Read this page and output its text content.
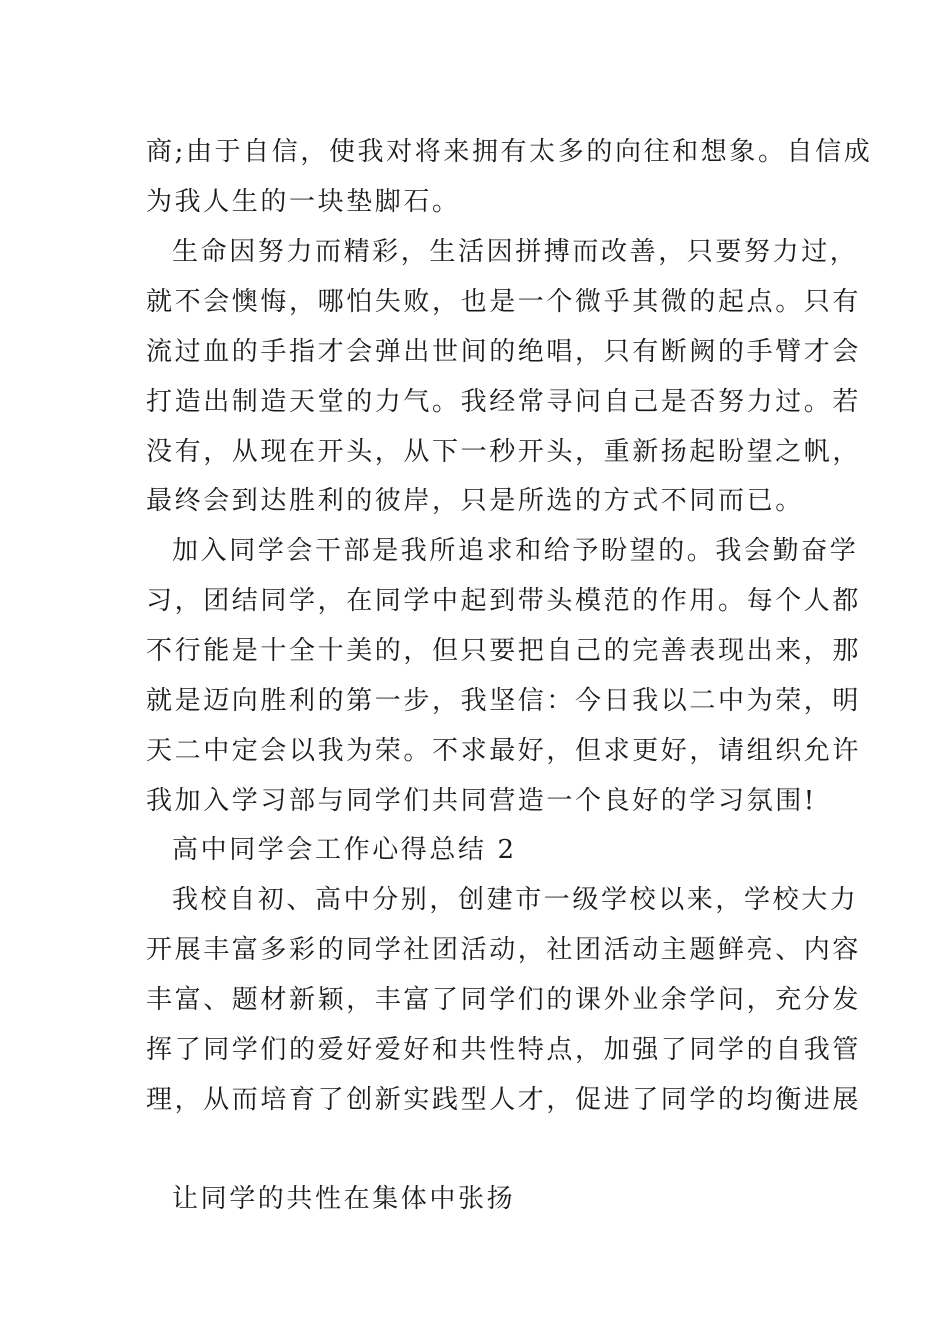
商;由于自信，使我对将来拥有太多的向往和想象。自信成
为我人生的一块垫脚石。
生命因努力而精彩，生活因拼搏而改善，只要努力过，
就不会懊悔，哪怕失败，也是一个微乎其微的起点。只有
流过血的手指才会弹出世间的绝唱，只有断阙的手臂才会
打造出制造天堂的力气。我经常寻问自己是否努力过。若
没有，从现在开头，从下一秒开头，重新扬起盼望之帆，
最终会到达胜利的彼岸，只是所选的方式不同而已。
加入同学会干部是我所追求和给予盼望的。我会勤奋学
习，团结同学，在同学中起到带头模范的作用。每个人都
不行能是十全十美的，但只要把自己的完善表现出来，那
就是迈向胜利的第一步，我坚信：今日我以二中为荣，明
天二中定会以我为荣。不求最好，但求更好，请组织允许
我加入学习部与同学们共同营造一个良好的学习氛围!
高中同学会工作心得总结 2
我校自初、高中分别，创建市一级学校以来，学校大力
开展丰富多彩的同学社团活动，社团活动主题鲜亮、内容
丰富、题材新颖，丰富了同学们的课外业余学问，充分发
挥了同学们的爱好爱好和共性特点，加强了同学的自我管
理，从而培育了创新实践型人才，促进了同学的均衡进展
让同学的共性在集体中张扬
